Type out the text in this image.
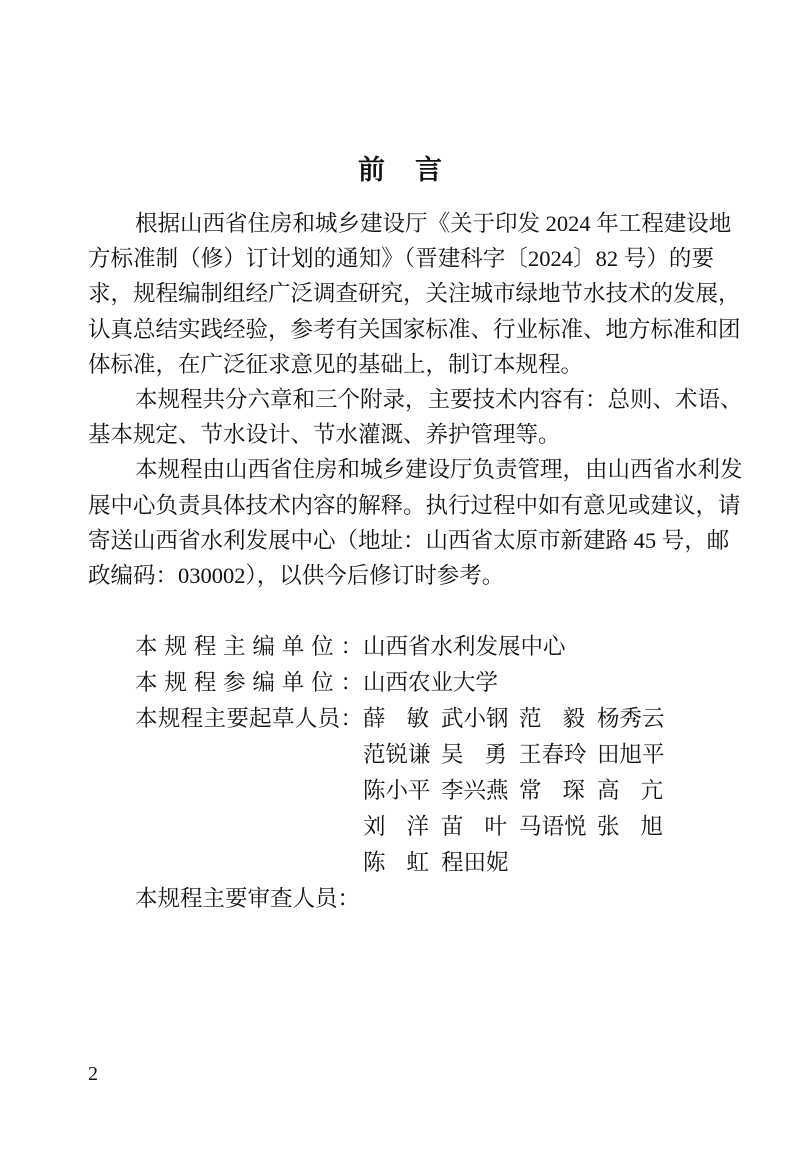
前言
根据山西省住房和城乡建设厅《关于印发 2024 年工程建设地
方标准制（修）订计划的通知》（晋建科字〔2024〕82 号）的要
求，规程编制组经广泛调查研究，关注城市绿地节水技术的发展，
认真总结实践经验，参考有关国家标准、行业标准、地方标准和团
体标准，在广泛征求意见的基础上，制订本规程。
本规程共分六章和三个附录，主要技术内容有：总则、术语、
基本规定、节水设计、节水灌溉、养护管理等。
本规程由山西省住房和城乡建设厅负责管理，由山西省水利发
展中心负责具体技术内容的解释。执行过程中如有意见或建议，请
寄送山西省水利发展中心（地址：山西省太原市新建路 45 号，邮
政编码：030002），以供今后修订时参考。
本规程主编单位： 山西省水利发展中心
本规程参编单位： 山西农业大学
本规程主要起草人员： 薛敏 武小钢 范毅 杨秀云
范锐谦 吴勇 王春玲 田旭平
陈小平 李兴燕 常琛 高亢
刘洋 苗叶 马语悦 张旭
陈虹 程田妮
本规程主要审查人员：
2
